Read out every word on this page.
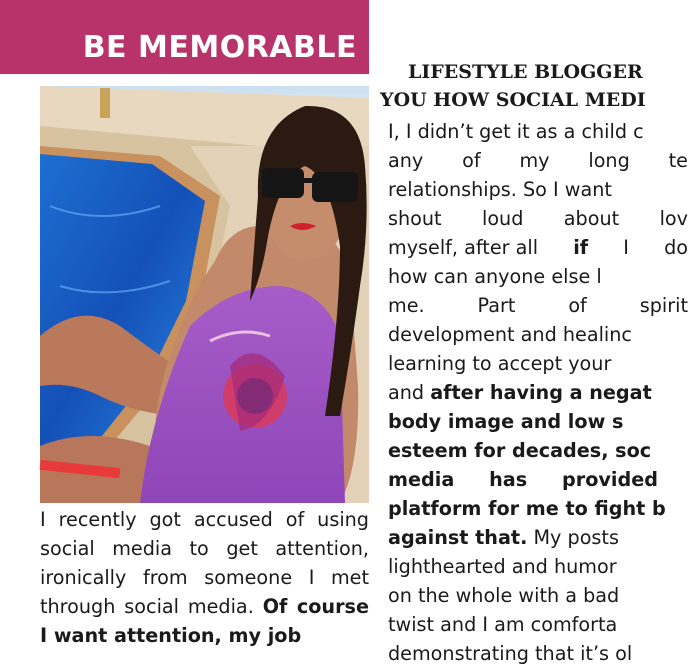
BE MEMORABLE

I recently got accused of using social media to get attention, ironically from someone I met through social media. Of course I want attention, my job

LIFESTYLE BLOGGER
YOU HOW SOCIAL MEDI
I, I didn’t get it as a child c
any of my long te
relationships. So I want
shout loud about lov
myself, after all if I do
how can anyone else l
me.	Part	of	spirit
development and healinc
learning to accept your
and
after having a negat
body image and low s
esteem for decades, soc
media has provided
platform for me to fight b
against that.
My posts
lighthearted and humor
on the whole with a bad
twist and I am comforta
demonstrating that it’s ol
